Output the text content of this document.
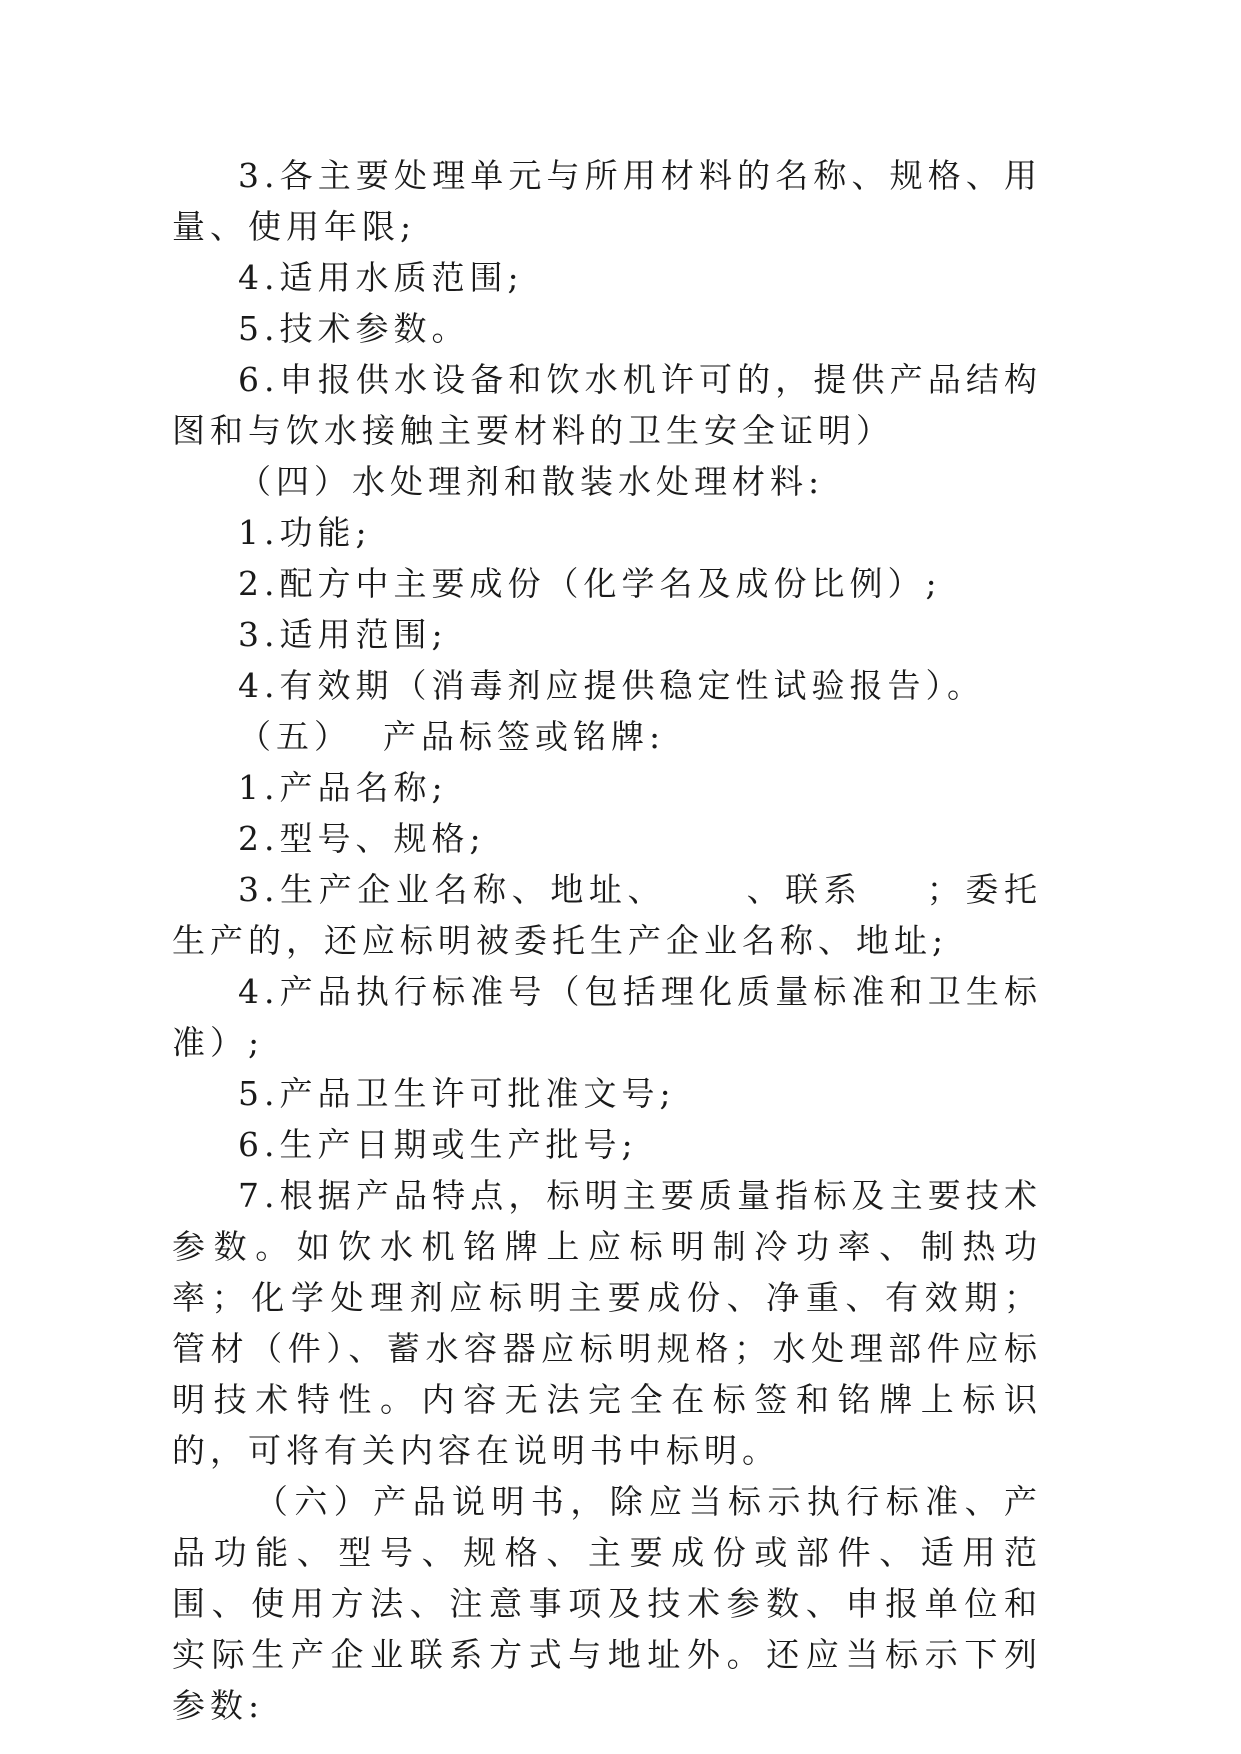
3.各主要处理单元与所用材料的名称、规格、用量、使用年限;

4.适用水质范围;

5.技术参数。

6.申报供水设备和饮水机许可的，提供产品结构图和与饮水接触主要材料的卫生安全证明）

（四）水处理剂和散装水处理材料:

1.功能;

2.配方中主要成份（化学名及成份比例）;

3.适用范围;

4.有效期（消毒剂应提供稳定性试验报告）。

（五）  产品标签或铭牌:

1.产品名称;

2.型号、规格;

3.生产企业名称、地址、     、联系    ；委托生产的，还应标明被委托生产企业名称、地址;

4.产品执行标准号（包括理化质量标准和卫生标准）;

5.产品卫生许可批准文号;

6.生产日期或生产批号;

7.根据产品特点，标明主要质量指标及主要技术参数。如饮水机铭牌上应标明制冷功率、制热功率；化学处理剂应标明主要成份、净重、有效期；管材（件）、蓄水容器应标明规格；水处理部件应标明技术特性。内容无法完全在标签和铭牌上标识的，可将有关内容在说明书中标明。

（六）产品说明书，除应当标示执行标准、产品功能、型号、规格、主要成份或部件、适用范围、使用方法、注意事项及技术参数、申报单位和实际生产企业联系方式与地址外。还应当标示下列参数:
